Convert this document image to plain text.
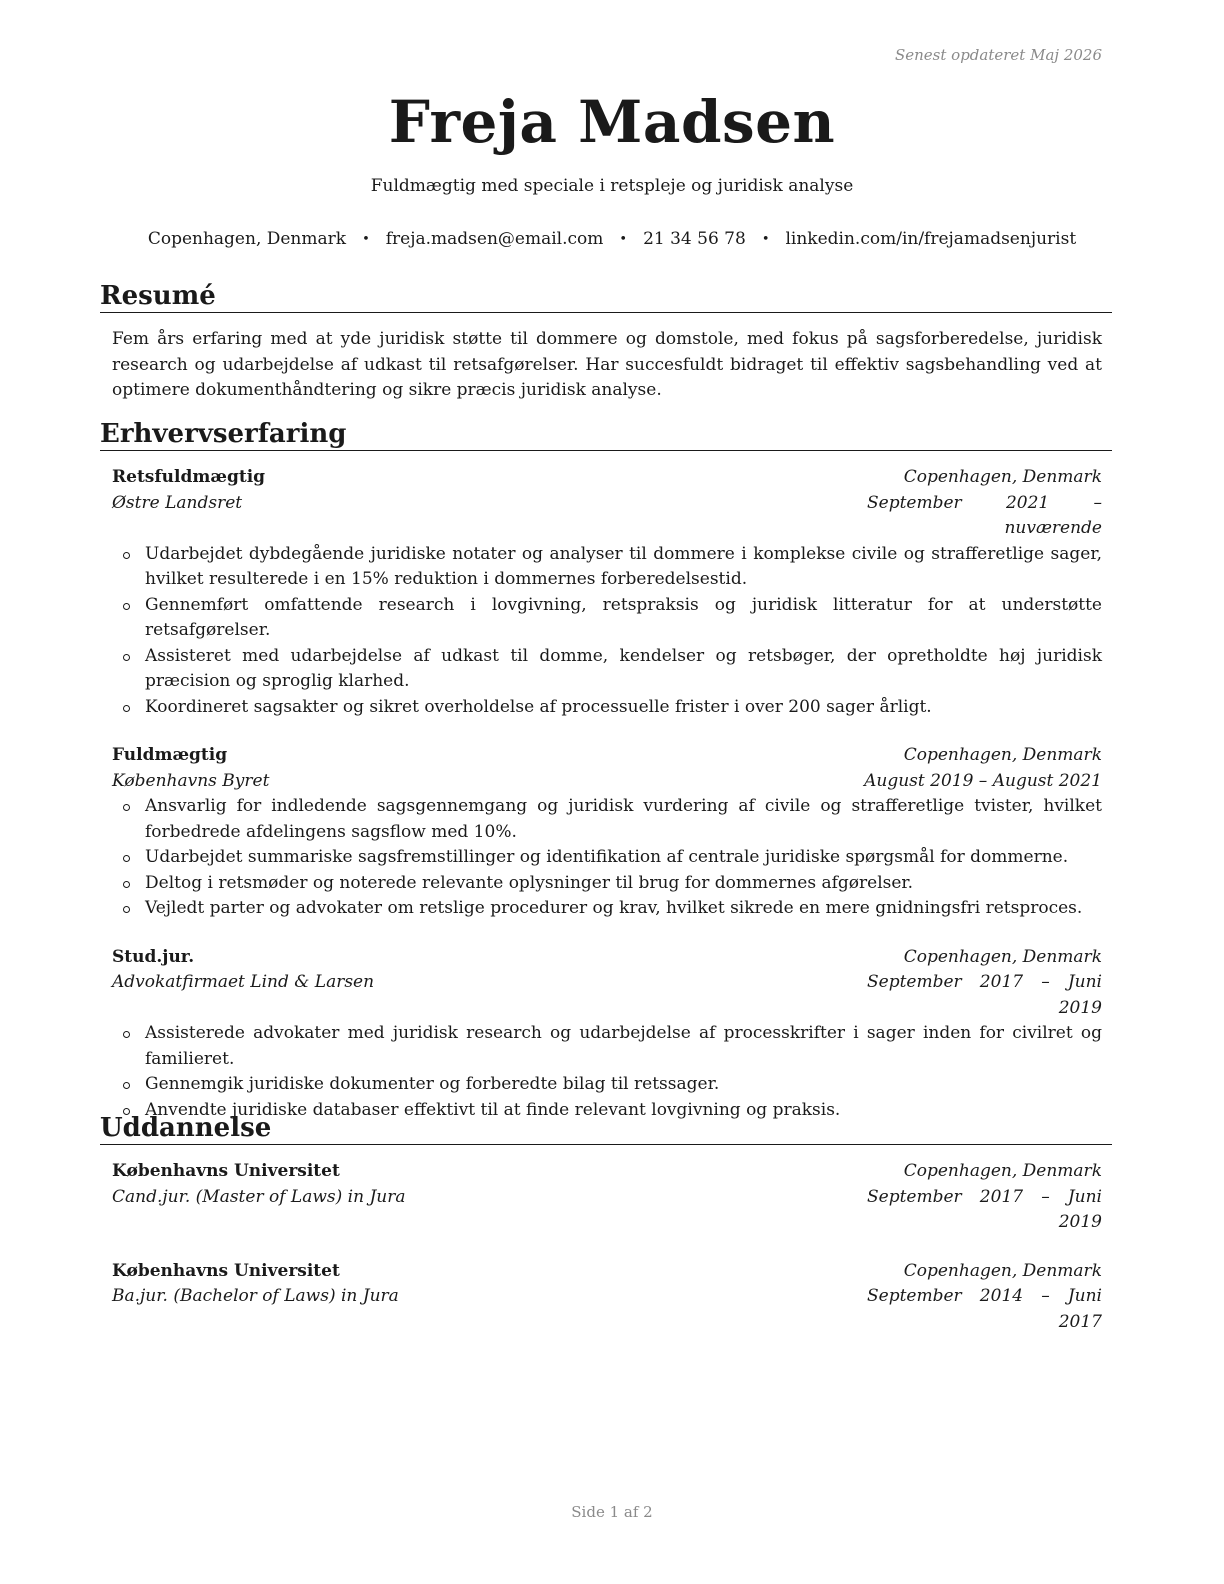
Senest opdateret Maj 2026
Freja Madsen
Fuldmægtig med speciale i retspleje og juridisk analyse
Copenhagen, Denmark • freja.madsen@email.com • 21 34 56 78 • linkedin.com/in/frejamadsenjurist
Resumé

Fem års erfaring med at yde juridisk støtte til dommere og domstole, med fokus på sagsforberedelse, juridisk research og udarbejdelse af udkast til retsafgørelser. Har succesfuldt bidraget til effektiv sagsbehandling ved at optimere dokumenthåndtering og sikre præcis juridisk analyse.

Erhvervserfaring
Retsfuldmægtig	Copenhagen, Denmark
Østre Landsret	September 2021 – nuværende
Udarbejdet dybdegående juridiske notater og analyser til dommere i komplekse civile og strafferetlige sager, hvilket resulterede i en 15% reduktion i dommernes forberedelsestid.
Gennemført omfattende research i lovgivning, retspraksis og juridisk litteratur for at understøtte retsafgørelser.
Assisteret med udarbejdelse af udkast til domme, kendelser og retsbøger, der opretholdte høj juridisk præcision og sproglig klarhed.
Koordineret sagsakter og sikret overholdelse af processuelle frister i over 200 sager årligt.
Fuldmægtig	Copenhagen, Denmark
Københavns Byret	August 2019 – August 2021
Ansvarlig for indledende sagsgennemgang og juridisk vurdering af civile og strafferetlige tvister, hvilket forbedrede afdelingens sagsflow med 10%.
Udarbejdet summariske sagsfremstillinger og identifikation af centrale juridiske spørgsmål for dommerne.
Deltog i retsmøder og noterede relevante oplysninger til brug for dommernes afgørelser.
Vejledt parter og advokater om retslige procedurer og krav, hvilket sikrede en mere gnidningsfri retsproces.
Stud.jur.	Copenhagen, Denmark
Advokatfirmaet Lind & Larsen	September 2017 – Juni 2019
Assisterede advokater med juridisk research og udarbejdelse af processkrifter i sager inden for civilret og familieret.
Gennemgik juridiske dokumenter og forberedte bilag til retssager.
Anvendte juridiske databaser effektivt til at finde relevant lovgivning og praksis.
Uddannelse
Københavns Universitet	Copenhagen, Denmark
Cand.jur. (Master of Laws) in Jura	September 2017 – Juni 2019
Københavns Universitet	Copenhagen, Denmark
Ba.jur. (Bachelor of Laws) in Jura	September 2014 – Juni 2017
Side 1 af 2
